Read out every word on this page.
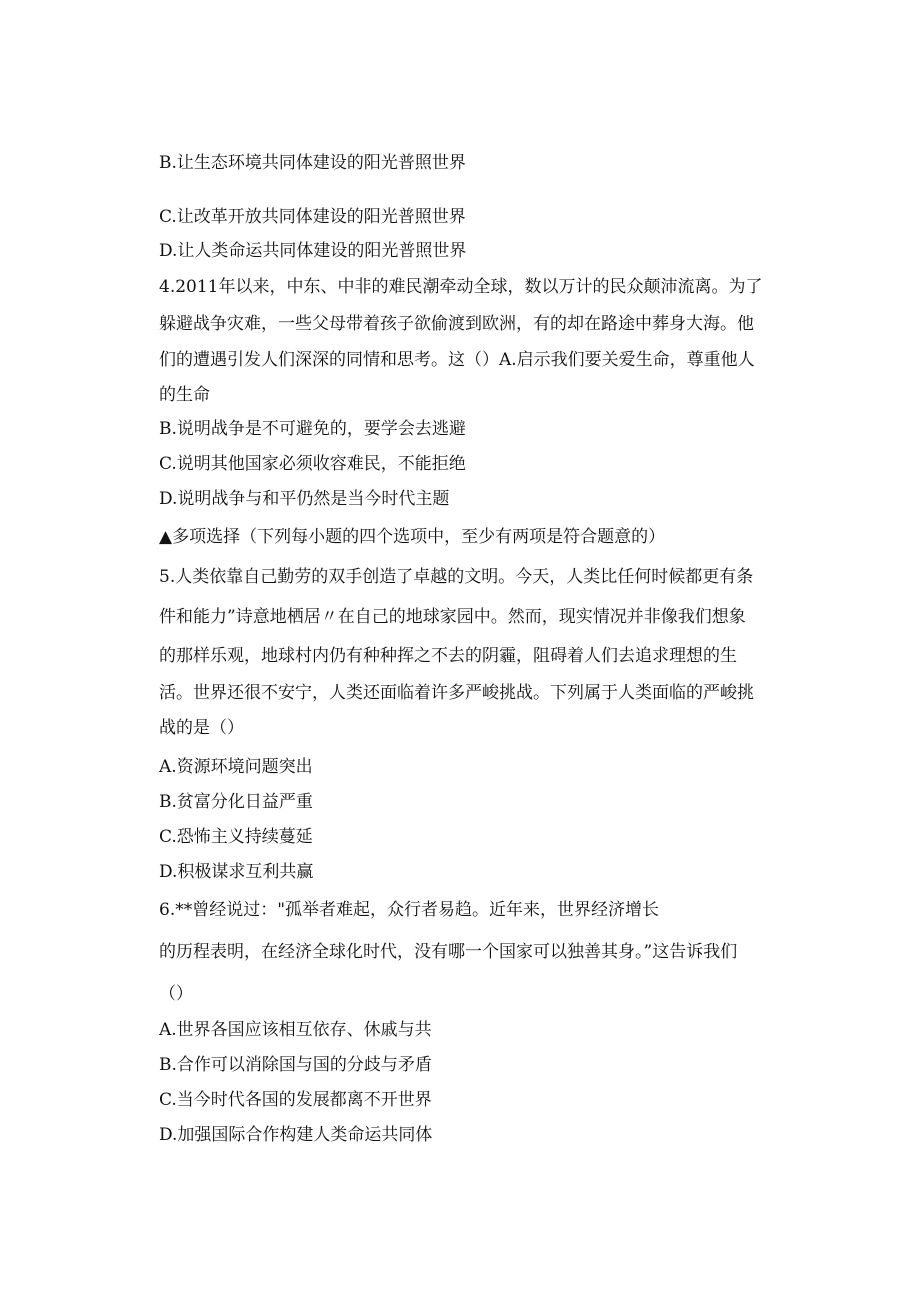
B.让生态环境共同体建设的阳光普照世界
C.让改革开放共同体建设的阳光普照世界
D.让人类命运共同体建设的阳光普照世界
4.2011年以来，中东、中非的难民潮牵动全球，数以万计的民众颠沛流离。为了
躲避战争灾难，一些父母带着孩子欲偷渡到欧洲，有的却在路途中葬身大海。他
们的遭遇引发人们深深的同情和思考。这（）A.启示我们要关爱生命，尊重他人
的生命
B.说明战争是不可避免的，要学会去逃避
C.说明其他国家必须收容难民，不能拒绝
D.说明战争与和平仍然是当今时代主题
▲多项选择（下列每小题的四个选项中，至少有两项是符合题意的）
5.人类依靠自己勤劳的双手创造了卓越的文明。今天，人类比任何时候都更有条
件和能力”诗意地栖居〃在自己的地球家园中。然而，现实情况并非像我们想象
的那样乐观，地球村内仍有种种挥之不去的阴霾，阻碍着人们去追求理想的生
活。世界还很不安宁，人类还面临着许多严峻挑战。下列属于人类面临的严峻挑
战的是（）
A.资源环境问题突出
B.贫富分化日益严重
C.恐怖主义持续蔓延
D.积极谋求互利共赢
6.**曾经说过："孤举者难起，众行者易趋。近年来，世界经济增长
的历程表明，在经济全球化时代，没有哪一个国家可以独善其身。”这告诉我们
（）
A.世界各国应该相互依存、休戚与共
B.合作可以消除国与国的分歧与矛盾
C.当今时代各国的发展都离不开世界
D.加强国际合作构建人类命运共同体
